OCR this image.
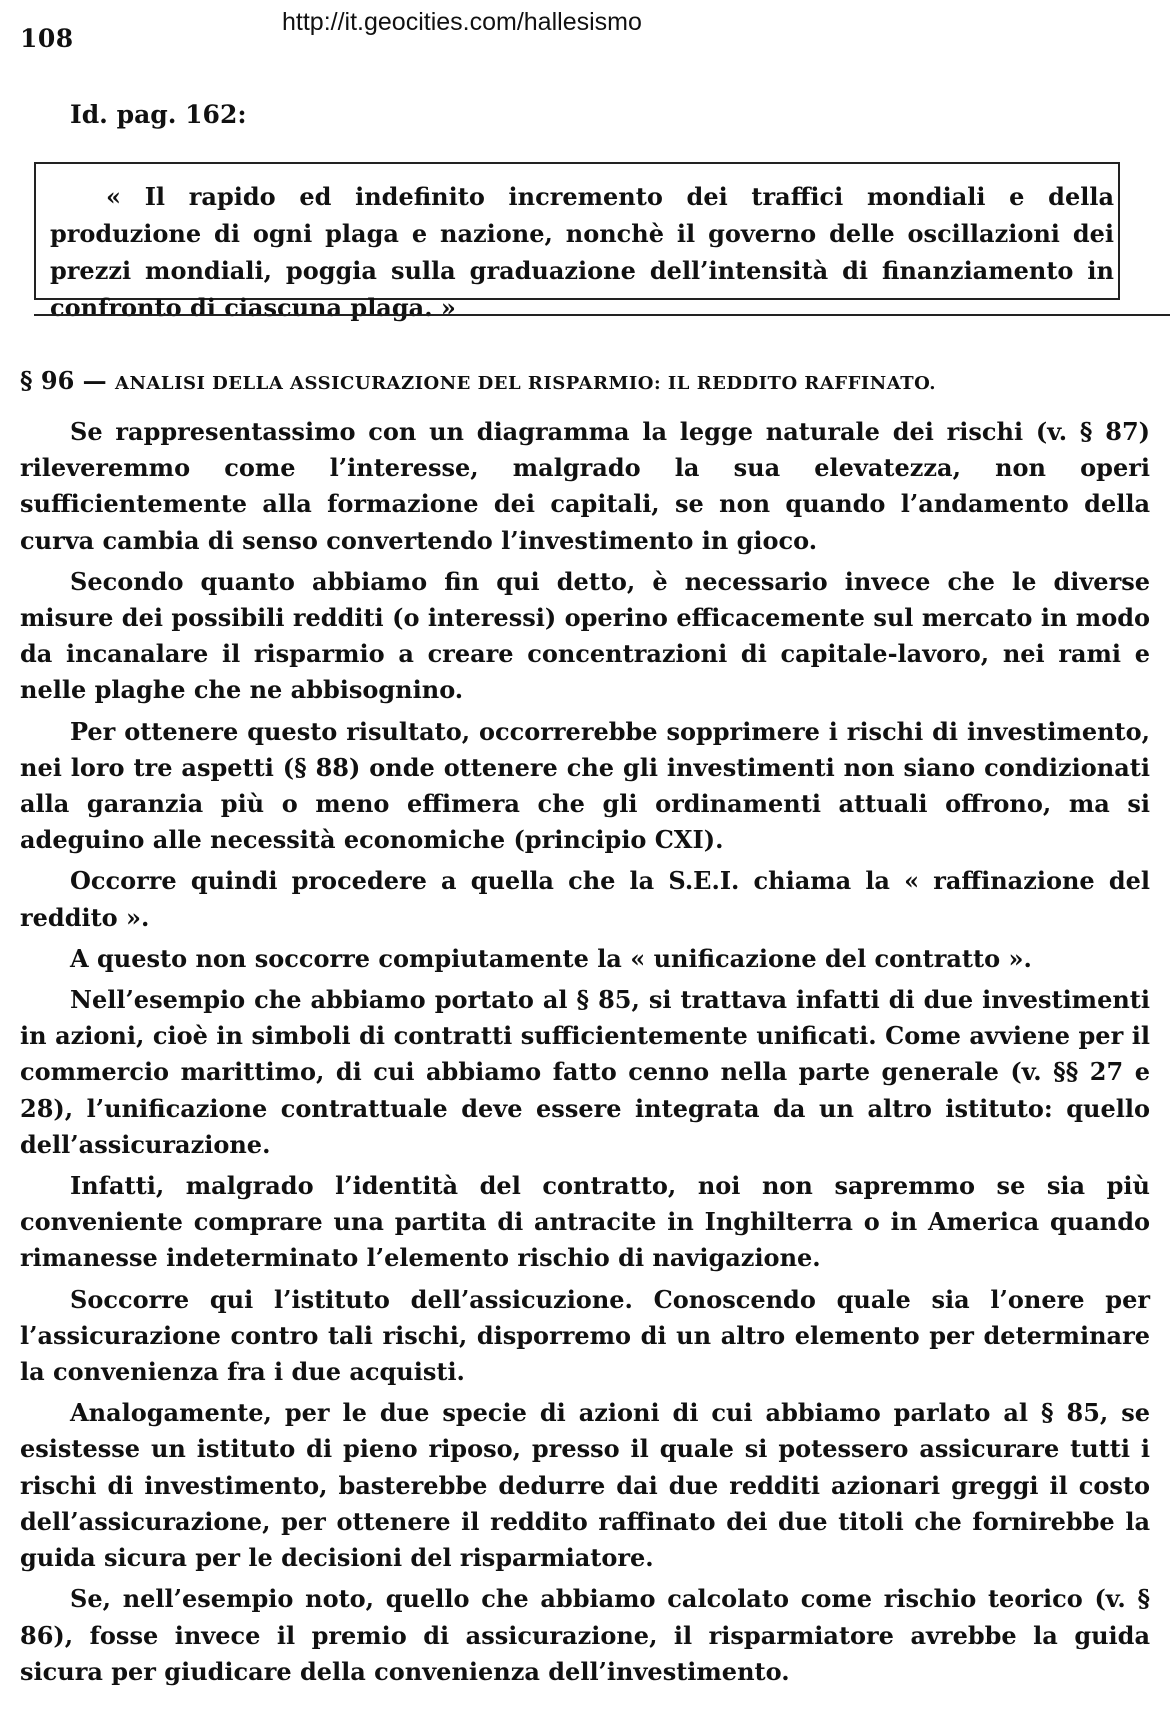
108
http://it.geocities.com/hallesismo
Id. pag. 162:
« Il rapido ed indefinito incremento dei traffici mondiali e della produzione di ogni plaga e nazione, nonchè il governo delle oscillazioni dei prezzi mondiali, poggia sulla graduazione dell’intensità di finanziamento in confronto di ciascuna plaga. »
§ 96 — ANALISI DELLA ASSICURAZIONE DEL RISPARMIO: IL REDDITO RAFFINATO.

Se rappresentassimo con un diagramma la legge naturale dei rischi (v. § 87) rileveremmo come l’interesse, malgrado la sua elevatezza, non operi sufficientemente alla formazione dei capitali, se non quando l’andamento della curva cambia di senso convertendo l’investimento in gioco.

Secondo quanto abbiamo fin qui detto, è necessario invece che le diverse misure dei possibili redditi (o interessi) operino efficacemente sul mercato in modo da incanalare il risparmio a creare concentrazioni di capitale-lavoro, nei rami e nelle plaghe che ne abbisognino.

Per ottenere questo risultato, occorrerebbe sopprimere i rischi di investimento, nei loro tre aspetti (§ 88) onde ottenere che gli investimenti non siano condizionati alla garanzia più o meno effimera che gli ordinamenti attuali offrono, ma si adeguino alle necessità economiche (principio CXI).

Occorre quindi procedere a quella che la S.E.I. chiama la « raffinazione del reddito ».

A questo non soccorre compiutamente la « unificazione del contratto ».

Nell’esempio che abbiamo portato al § 85, si trattava infatti di due investimenti in azioni, cioè in simboli di contratti sufficientemente unificati. Come avviene per il commercio marittimo, di cui abbiamo fatto cenno nella parte generale (v. §§ 27 e 28), l’unificazione contrattuale deve essere integrata da un altro istituto: quello dell’assicurazione.

Infatti, malgrado l’identità del contratto, noi non sapremmo se sia più conveniente comprare una partita di antracite in Inghilterra o in America quando rimanesse indeterminato l’elemento rischio di navigazione.

Soccorre qui l’istituto dell’assicuzione. Conoscendo quale sia l’onere per l’assicurazione contro tali rischi, disporremo di un altro elemento per determinare la convenienza fra i due acquisti.

Analogamente, per le due specie di azioni di cui abbiamo parlato al § 85, se esistesse un istituto di pieno riposo, presso il quale si potessero assicurare tutti i rischi di investimento, basterebbe dedurre dai due redditi azionari greggi il costo dell’assicurazione, per ottenere il reddito raffinato dei due titoli che fornirebbe la guida sicura per le decisioni del risparmiatore.

Se, nell’esempio noto, quello che abbiamo calcolato come rischio teorico (v. § 86), fosse invece il premio di assicurazione, il risparmiatore avrebbe la guida sicura per giudicare della convenienza dell’investimento.
